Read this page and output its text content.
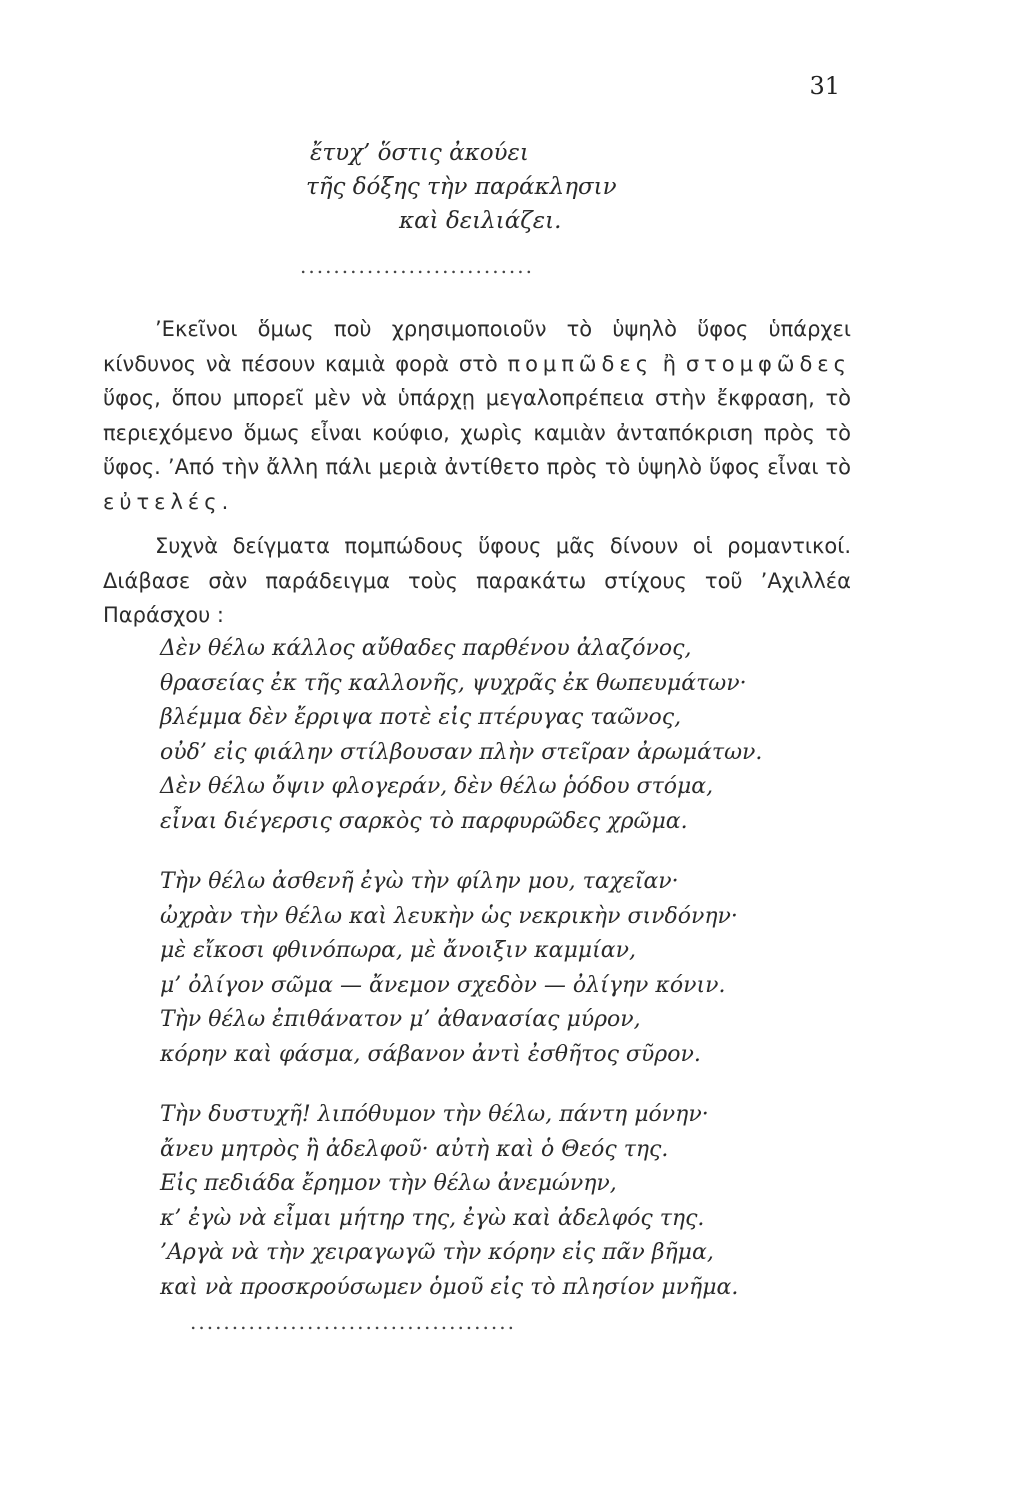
31
ἔτυχ’ ὅστις ἀκούει
τῆς δόξης τὴν παράκλησιν
καὶ δειλιάζει.
............................

’Εκεῖνοι ὅμως ποὺ χρησιμοποιοῦν τὸ ὑψηλὸ ὕφος ὑπάρχει κίνδυνος νὰ πέσουν καμιὰ φορὰ στὸ πομπῶδες ἢ στομφῶδες ὕφος, ὅπου μπορεῖ μὲν νὰ ὑπάρχῃ μεγαλοπρέπεια στὴν ἔκφραση, τὸ περιεχόμενο ὅμως εἶναι κούφιο, χωρὶς καμιὰν ἀνταπόκριση πρὸς τὸ ὕφος. ’Από τὴν ἄλλη πάλι μεριὰ ἀντίθετο πρὸς τὸ ὑψηλὸ ὕφος εἶναι τὸ εὐτελές.

Συχνὰ δείγματα πομπώδους ὕφους μᾶς δίνουν οἱ ρομαντικοί. Διάβασε σὰν παράδειγμα τοὺς παρακάτω στίχους τοῦ ’Αχιλλέα Παράσχου :

Δὲν θέλω κάλλος αὔθαδες παρθένου ἀλαζόνος,
θρασείας ἐκ τῆς καλλονῆς, ψυχρᾶς ἐκ θωπευμάτων·
βλέμμα δὲν ἔρριψα ποτὲ εἰς πτέρυγας ταῶνος,
οὐδ’ εἰς φιάλην στίλβουσαν πλὴν στεῖραν ἀρωμάτων.
Δὲν θέλω ὄψιν φλογεράν, δὲν θέλω ῥόδου στόμα,
εἶναι διέγερσις σαρκὸς τὸ παρφυρῶδες χρῶμα.
Τὴν θέλω ἀσθενῆ ἐγὼ τὴν φίλην μου, ταχεῖαν·
ὠχρὰν τὴν θέλω καὶ λευκὴν ὡς νεκρικὴν σινδόνην·
μὲ εἴκοσι φθινόπωρα, μὲ ἄνοιξιν καμμίαν,
μ’ ὀλίγον σῶμα — ἄνεμον σχεδὸν — ὀλίγην κόνιν.
Τὴν θέλω ἐπιθάνατον μ’ ἀθανασίας μύρον,
κόρην καὶ φάσμα, σάβανον ἀντὶ ἐσθῆτος σῦρον.
Τὴν δυστυχῆ! λιπόθυμον τὴν θέλω, πάντη μόνην·
ἄνευ μητρὸς ἢ ἀδελφοῦ· αὐτὴ καὶ ὁ Θεός της.
Εἰς πεδιάδα ἔρημον τὴν θέλω ἀνεμώνην,
κ’ ἐγὼ νὰ εἶμαι μήτηρ της, ἐγὼ καὶ ἀδελφός της.
’Αργὰ νὰ τὴν χειραγωγῶ τὴν κόρην εἰς πᾶν βῆμα,
καὶ νὰ προσκρούσωμεν ὁμοῦ εἰς τὸ πλησίον μνῆμα.
.......................................
